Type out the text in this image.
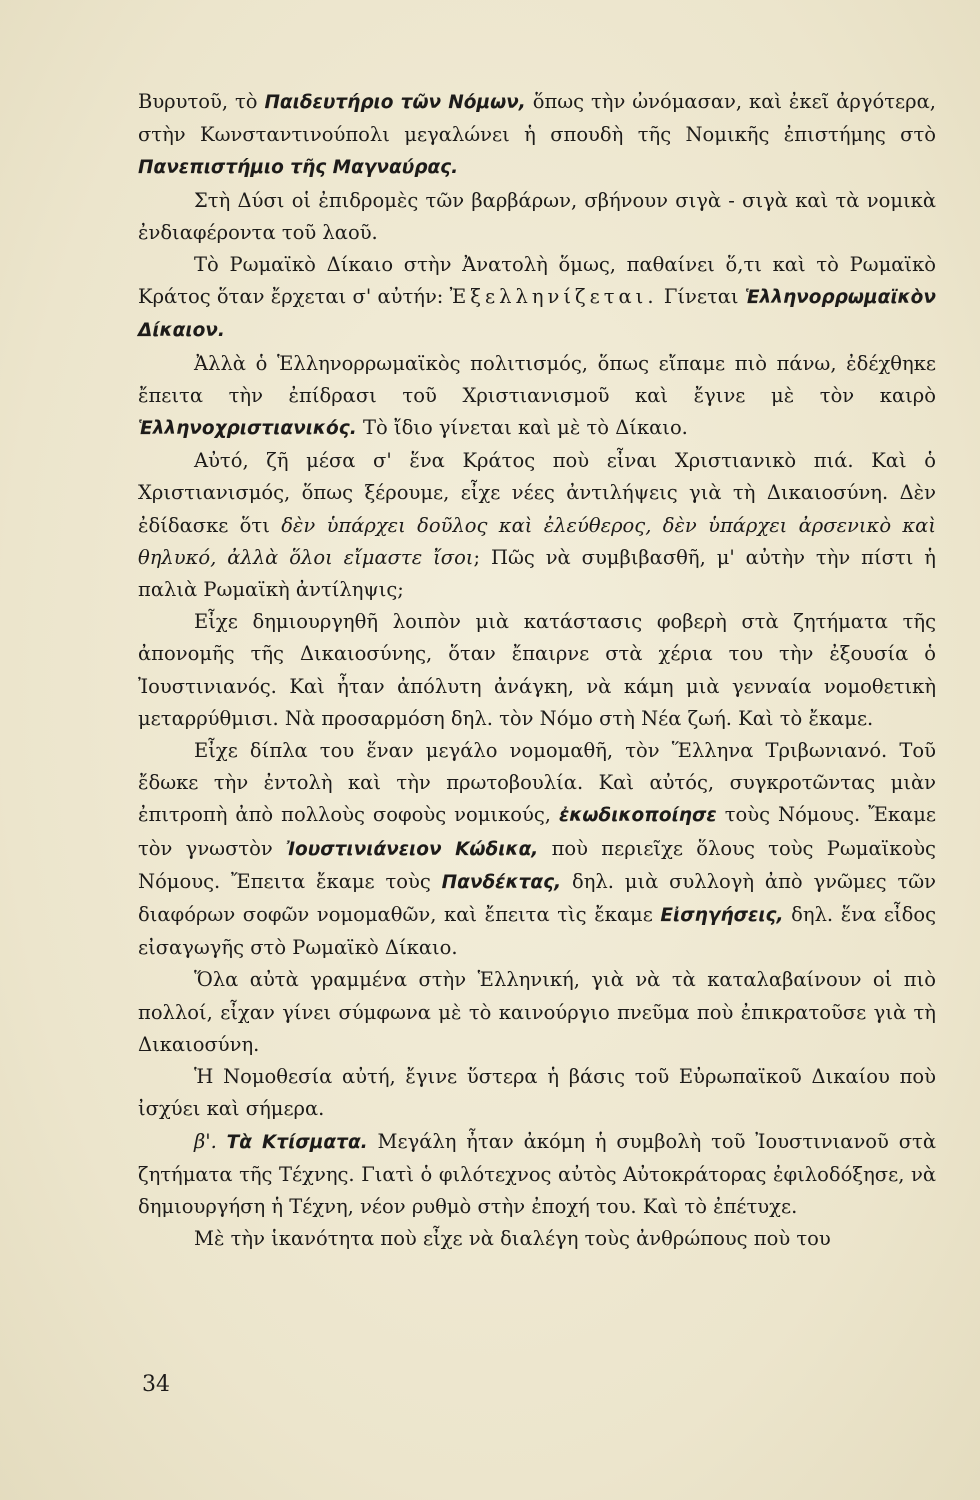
Βυρυτοῦ, τὸ Παιδευτήριο τῶν Νόμων, ὅπως τὴν ὠνόμασαν, καὶ ἐκεῖ ἀργότερα, στὴν Κωνσταντινούπολι μεγαλώνει ἡ σπουδὴ τῆς Νομικῆς ἐπιστήμης στὸ Πανεπιστήμιο τῆς Μαγναύρας.

Στὴ Δύσι οἱ ἐπιδρομὲς τῶν βαρβάρων, σβήνουν σιγὰ - σιγὰ καὶ τὰ νομικὰ ἐνδιαφέροντα τοῦ λαοῦ.

Τὸ Ρωμαϊκὸ Δίκαιο στὴν Ἀνατολὴ ὅμως, παθαίνει ὅ,τι καὶ τὸ Ρωμαϊκὸ Κράτος ὅταν ἔρχεται σ' αὐτήν: Ἐξελληνίζεται. Γίνεται Ἑλληνορρωμαϊκὸν Δίκαιον.

Ἀλλὰ ὁ Ἑλληνορρωμαϊκὸς πολιτισμός, ὅπως εἴπαμε πιὸ πάνω, ἐδέχθηκε ἔπειτα τὴν ἐπίδρασι τοῦ Χριστιανισμοῦ καὶ ἔγινε μὲ τὸν καιρὸ Ἑλληνοχριστιανικός. Τὸ ἴδιο γίνεται καὶ μὲ τὸ Δίκαιο.

Αὐτό, ζῆ μέσα σ' ἕνα Κράτος ποὺ εἶναι Χριστιανικὸ πιά. Καὶ ὁ Χριστιανισμός, ὅπως ξέρουμε, εἶχε νέες ἀντιλήψεις γιὰ τὴ Δικαιοσύνη. Δὲν ἐδίδασκε ὅτι δὲν ὑπάρχει δοῦλος καὶ ἐλεύθερος, δὲν ὑπάρχει ἀρσενικὸ καὶ θηλυκό, ἀλλὰ ὅλοι εἴμαστε ἴσοι; Πῶς νὰ συμβιβασθῆ, μ' αὐτὴν τὴν πίστι ἡ παλιὰ Ρωμαϊκὴ ἀντίληψις;

Εἶχε δημιουργηθῆ λοιπὸν μιὰ κατάστασις φοβερὴ στὰ ζητήματα τῆς ἀπονομῆς τῆς Δικαιοσύνης, ὅταν ἔπαιρνε στὰ χέρια του τὴν ἐξουσία ὁ Ἰουστινιανός. Καὶ ἦταν ἀπόλυτη ἀνάγκη, νὰ κάμη μιὰ γενναία νομοθετικὴ μεταρρύθμισι. Νὰ προσαρμόση δηλ. τὸν Νόμο στὴ Νέα ζωή. Καὶ τὸ ἔκαμε.

Εἶχε δίπλα του ἕναν μεγάλο νομομαθῆ, τὸν Ἕλληνα Τριβωνιανό. Τοῦ ἔδωκε τὴν ἐντολὴ καὶ τὴν πρωτοβουλία. Καὶ αὐτός, συγκροτῶντας μιὰν ἐπιτροπὴ ἀπὸ πολλοὺς σοφοὺς νομικούς, ἐκωδικοποίησε τοὺς Νόμους. Ἔκαμε τὸν γνωστὸν Ἰουστινιάνειον Κώδικα, ποὺ περιεῖχε ὅλους τοὺς Ρωμαϊκοὺς Νόμους. Ἔπειτα ἔκαμε τοὺς Πανδέκτας, δηλ. μιὰ συλλογὴ ἀπὸ γνῶμες τῶν διαφόρων σοφῶν νομομαθῶν, καὶ ἔπειτα τὶς ἔκαμε Εἰσηγήσεις, δηλ. ἕνα εἶδος εἰσαγωγῆς στὸ Ρωμαϊκὸ Δίκαιο.

Ὅλα αὐτὰ γραμμένα στὴν Ἑλληνική, γιὰ νὰ τὰ καταλαβαίνουν οἱ πιὸ πολλοί, εἶχαν γίνει σύμφωνα μὲ τὸ καινούργιο πνεῦμα ποὺ ἐπικρατοῦσε γιὰ τὴ Δικαιοσύνη.

Ἡ Νομοθεσία αὐτή, ἔγινε ὕστερα ἡ βάσις τοῦ Εὐρωπαϊκοῦ Δικαίου ποὺ ἰσχύει καὶ σήμερα.

β'. Τὰ Κτίσματα. Μεγάλη ἦταν ἀκόμη ἡ συμβολὴ τοῦ Ἰουστινιανοῦ στὰ ζητήματα τῆς Τέχνης. Γιατὶ ὁ φιλότεχνος αὐτὸς Αὐτοκράτορας ἐφιλοδόξησε, νὰ δημιουργήση ἡ Τέχνη, νέον ρυθμὸ στὴν ἐποχή του. Καὶ τὸ ἐπέτυχε.

Μὲ τὴν ἱκανότητα ποὺ εἶχε νὰ διαλέγη τοὺς ἀνθρώπους ποὺ του

34
